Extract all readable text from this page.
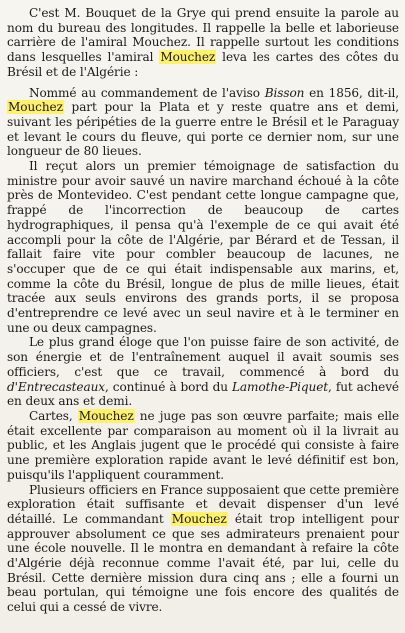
C'est M. Bouquet de la Grye qui prend ensuite la parole au nom du bureau des longitudes. Il rappelle la belle et laborieuse carrière de l'amiral Mouchez. Il rappelle surtout les conditions dans lesquelles l'amiral Mouchez leva les cartes des côtes du Brésil et de l'Algérie :

Nommé au commandement de l'aviso Bisson en 1856, dit-il, Mouchez part pour la Plata et y reste quatre ans et demi, suivant les péripéties de la guerre entre le Brésil et le Paraguay et levant le cours du fleuve, qui porte ce dernier nom, sur une longueur de 80 lieues.

Il reçut alors un premier témoignage de satisfaction du ministre pour avoir sauvé un navire marchand échoué à la côte près de Montevideo. C'est pendant cette longue campagne que, frappé de l'incorrection de beaucoup de cartes hydrographiques, il pensa qu'à l'exemple de ce qui avait été accompli pour la côte de l'Algérie, par Bérard et de Tessan, il fallait faire vite pour combler beaucoup de lacunes, ne s'occuper que de ce qui était indispensable aux marins, et, comme la côte du Brésil, longue de plus de mille lieues, était tracée aux seuls environs des grands ports, il se proposa d'entreprendre ce levé avec un seul navire et à le terminer en une ou deux campagnes.

Le plus grand éloge que l'on puisse faire de son activité, de son énergie et de l'entraînement auquel il avait soumis ses officiers, c'est que ce travail, commencé à bord du d'Entrecasteaux, continué à bord du Lamothe-Piquet, fut achevé en deux ans et demi.

Cartes, Mouchez ne juge pas son œuvre parfaite; mais elle était excellente par comparaison au moment où il la livrait au public, et les Anglais jugent que le procédé qui consiste à faire une première exploration rapide avant le levé définitif est bon, puisqu'ils l'appliquent couramment.

Plusieurs officiers en France supposaient que cette première exploration était suffisante et devait dispenser d'un levé détaillé. Le commandant Mouchez était trop intelligent pour approuver absolument ce que ses admirateurs prenaient pour une école nouvelle. Il le montra en demandant à refaire la côte d'Algérie déjà reconnue comme l'avait été, par lui, celle du Brésil. Cette dernière mission dura cinq ans ; elle a fourni un beau portulan, qui témoigne une fois encore des qualités de celui qui a cessé de vivre.
